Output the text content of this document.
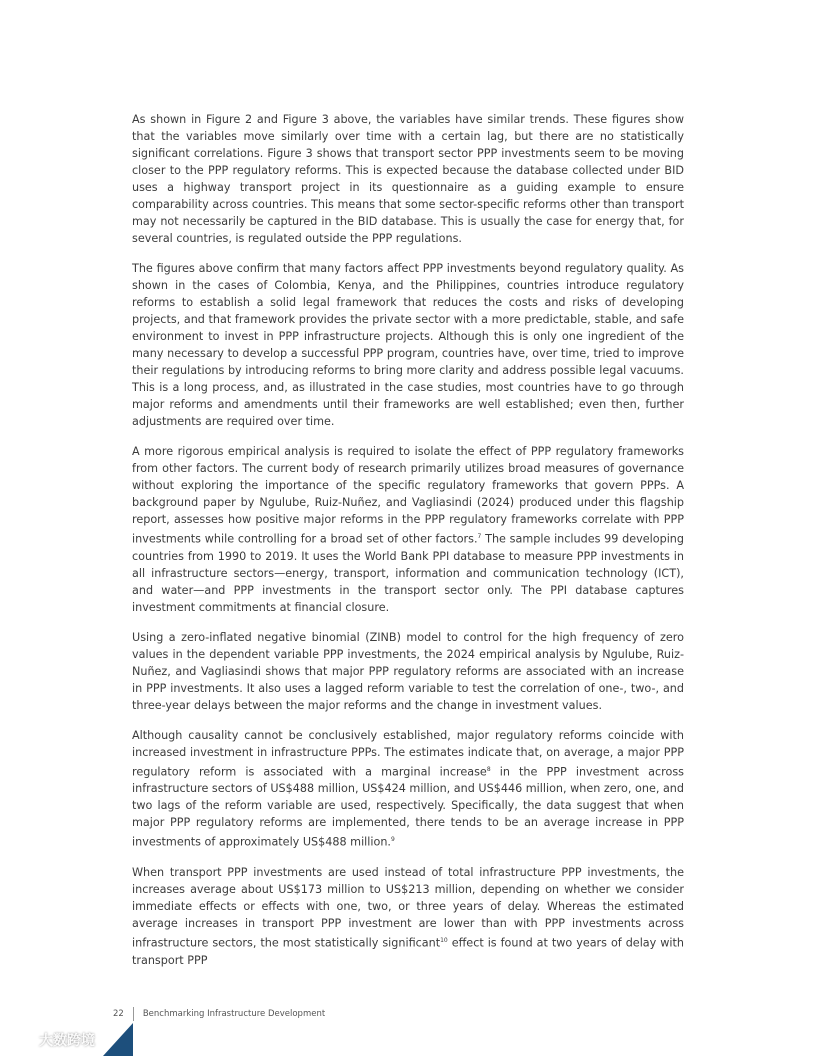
As shown in Figure 2 and Figure 3 above, the variables have similar trends. These figures show that the variables move similarly over time with a certain lag, but there are no statistically significant correlations. Figure 3 shows that transport sector PPP investments seem to be moving closer to the PPP regulatory reforms. This is expected because the database collected under BID uses a highway transport project in its questionnaire as a guiding example to ensure comparability across countries. This means that some sector-specific reforms other than transport may not necessarily be captured in the BID database. This is usually the case for energy that, for several countries, is regulated outside the PPP regulations.

The figures above confirm that many factors affect PPP investments beyond regulatory quality. As shown in the cases of Colombia, Kenya, and the Philippines, countries introduce regulatory reforms to establish a solid legal framework that reduces the costs and risks of developing projects, and that framework provides the private sector with a more predictable, stable, and safe environment to invest in PPP infrastructure projects. Although this is only one ingredient of the many necessary to develop a successful PPP program, countries have, over time, tried to improve their regulations by introducing reforms to bring more clarity and address possible legal vacuums. This is a long process, and, as illustrated in the case studies, most countries have to go through major reforms and amendments until their frameworks are well established; even then, further adjustments are required over time.

A more rigorous empirical analysis is required to isolate the effect of PPP regulatory frameworks from other factors. The current body of research primarily utilizes broad measures of governance without exploring the importance of the specific regulatory frameworks that govern PPPs. A background paper by Ngulube, Ruiz-Nuñez, and Vagliasindi (2024) produced under this flagship report, assesses how positive major reforms in the PPP regulatory frameworks correlate with PPP investments while controlling for a broad set of other factors.$^7$ The sample includes 99 developing countries from 1990 to 2019. It uses the World Bank PPI database to measure PPP investments in all infrastructure sectors—energy, transport, information and communication technology (ICT), and water—and PPP investments in the transport sector only. The PPI database captures investment commitments at financial closure.

Using a zero-inflated negative binomial (ZINB) model to control for the high frequency of zero values in the dependent variable PPP investments, the 2024 empirical analysis by Ngulube, Ruiz-Nuñez, and Vagliasindi shows that major PPP regulatory reforms are associated with an increase in PPP investments. It also uses a lagged reform variable to test the correlation of one-, two-, and three-year delays between the major reforms and the change in investment values.

Although causality cannot be conclusively established, major regulatory reforms coincide with increased investment in infrastructure PPPs. The estimates indicate that, on average, a major PPP regulatory reform is associated with a marginal increase$^8$ in the PPP investment across infrastructure sectors of US$488 million, US$424 million, and US$446 million, when zero, one, and two lags of the reform variable are used, respectively. Specifically, the data suggest that when major PPP regulatory reforms are implemented, there tends to be an average increase in PPP investments of approximately US$488 million.$^9$

When transport PPP investments are used instead of total infrastructure PPP investments, the increases average about US$173 million to US$213 million, depending on whether we consider immediate effects or effects with one, two, or three years of delay. Whereas the estimated average increases in transport PPP investment are lower than with PPP investments across infrastructure sectors, the most statistically significant$^{10}$ effect is found at two years of delay with transport PPP

22 Benchmarking Infrastructure Development
大数跨境
